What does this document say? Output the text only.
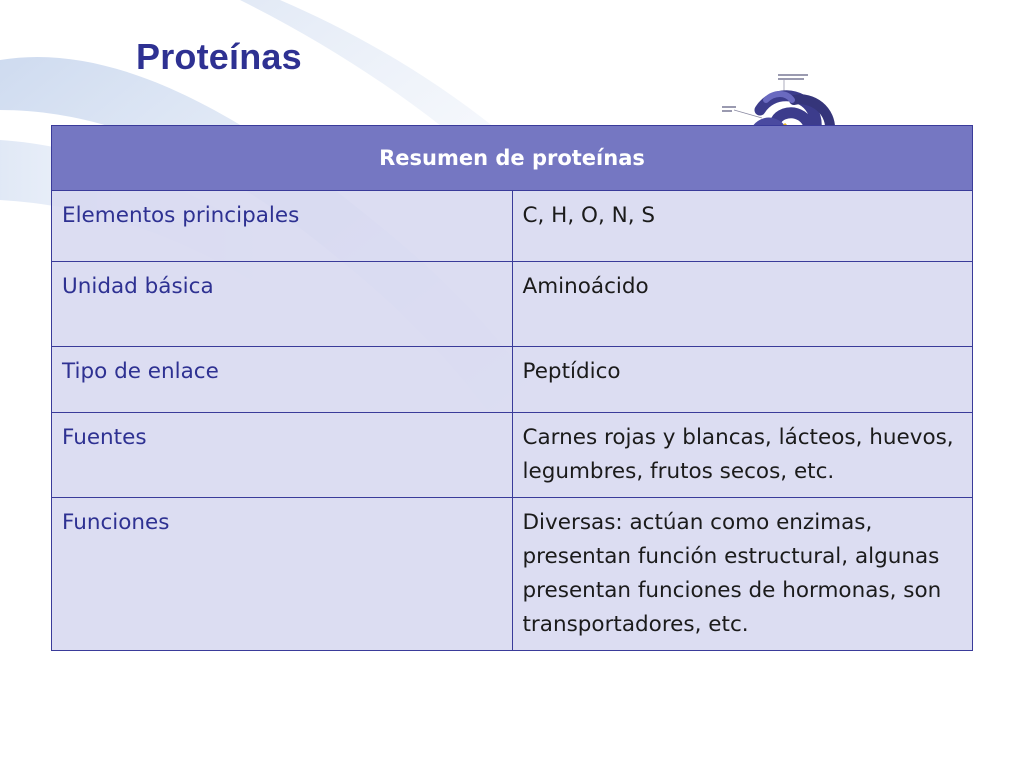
Proteínas
Resumen de proteínas	
Elementos principales	C, H, O, N, S
Unidad básica	Aminoácido
Tipo de enlace	Peptídico
Fuentes	Carnes rojas y blancas, lácteos, huevos, legumbres, frutos secos, etc.
Funciones	Diversas: actúan como enzimas, presentan función estructural, algunas presentan funciones de hormonas, son transportadores, etc.
